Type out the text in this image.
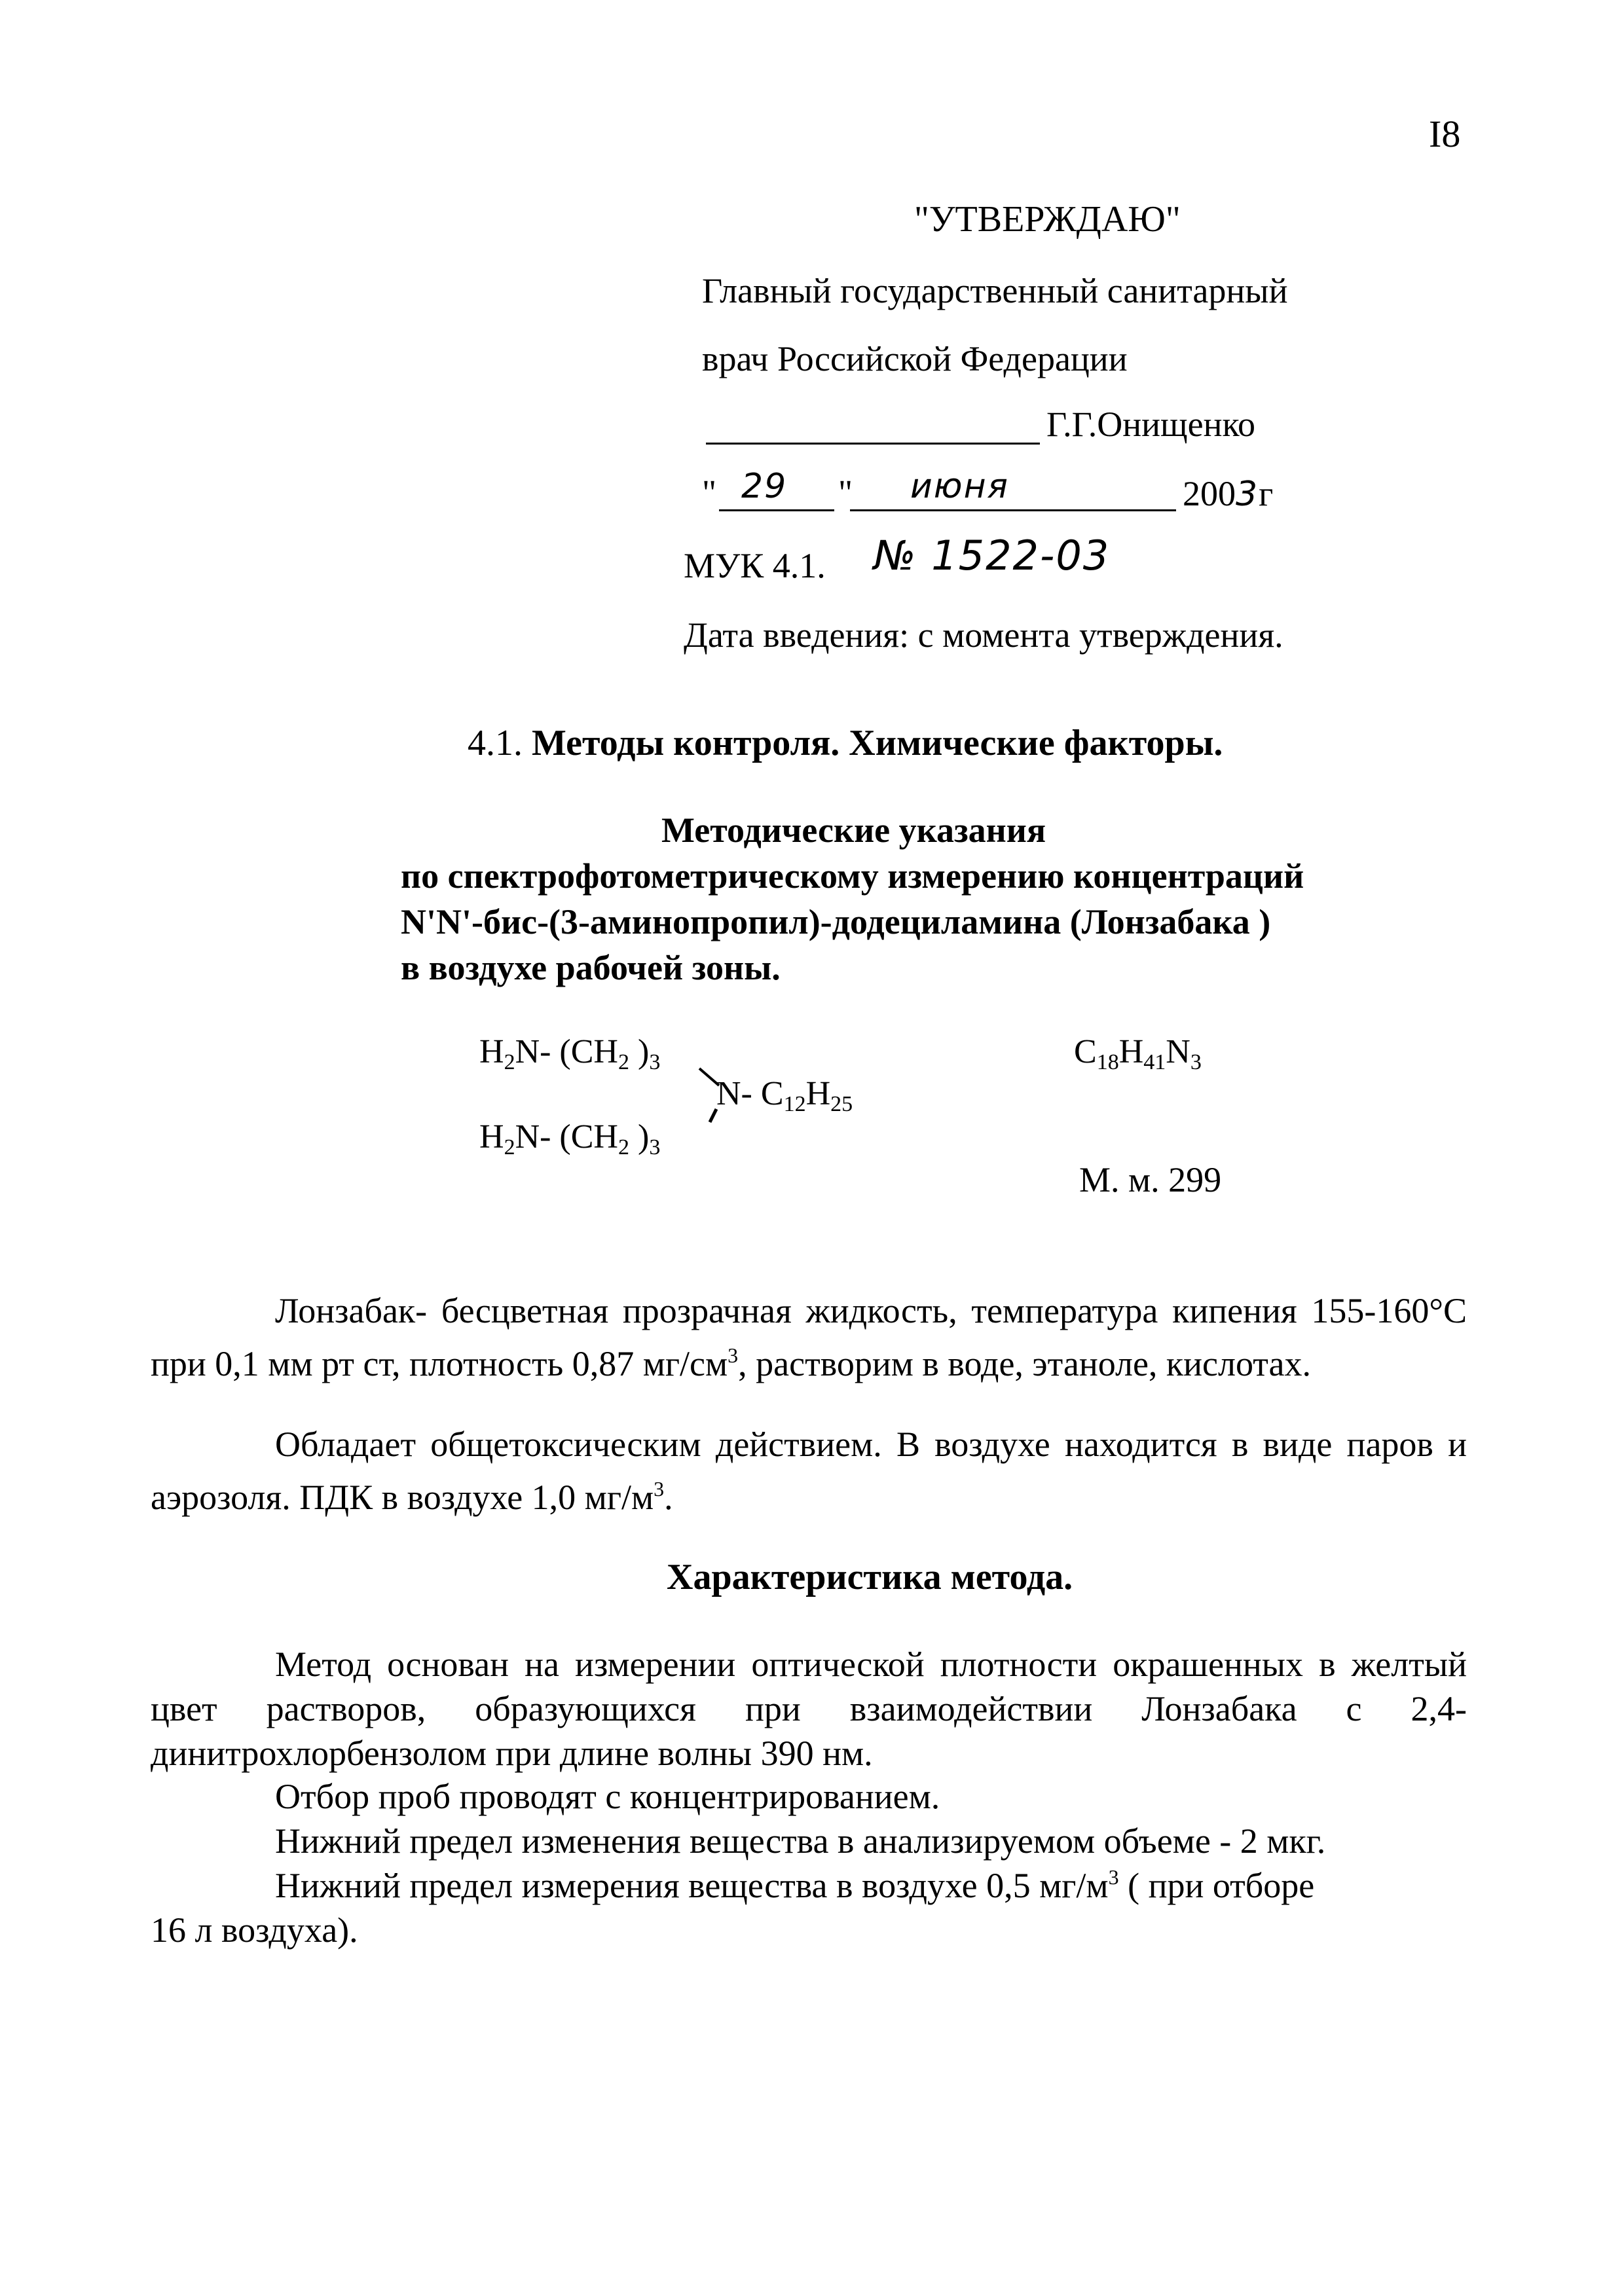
I8
"УТВЕРЖДАЮ"
Главный государственный санитарный
врач Российской Федерации
Г.Г.Онищенко
" 29 " июня	2003г
МУК 4.1. № 1522-03
Дата введения: с момента утверждения.
4.1. Методы контроля. Химические факторы.
Методические указания
по спектрофотометрическому измерению концентраций
N'N'-бис-(3-аминопропил)-додециламина (Лонзабака )
в воздухе рабочей зоны.
$H_2N-$ ($CH_2$ )$_3$
N- $C_{12}H_{25}$
$H_2N-$ ($CH_2$ )$_3$
$C_{18}H_{41}N_3$
М. м. 299
Лонзабак- бесцветная прозрачная жидкость, температура кипения 155-160°С при 0,1 мм рт ст, плотность 0,87 $мг/см^3$, растворим в воде, этаноле, кислотах.
Обладает общетоксическим действием. В воздухе находится в виде паров и аэрозоля. ПДК в воздухе 1,0 $мг/м^3$.
Характеристика метода.
Метод основан на измерении оптической плотности окрашенных в желтый цвет растворов, образующихся при взаимодействии Лонзабака с 2,4-динитрохлорбензолом при длине волны 390 нм.
Отбор проб проводят с концентрированием.
Нижний предел изменения вещества в анализируемом объеме - 2 мкг.
Нижний предел измерения вещества в воздухе 0,5 $мг/м^3$ ( при отборе
16 л воздуха).
